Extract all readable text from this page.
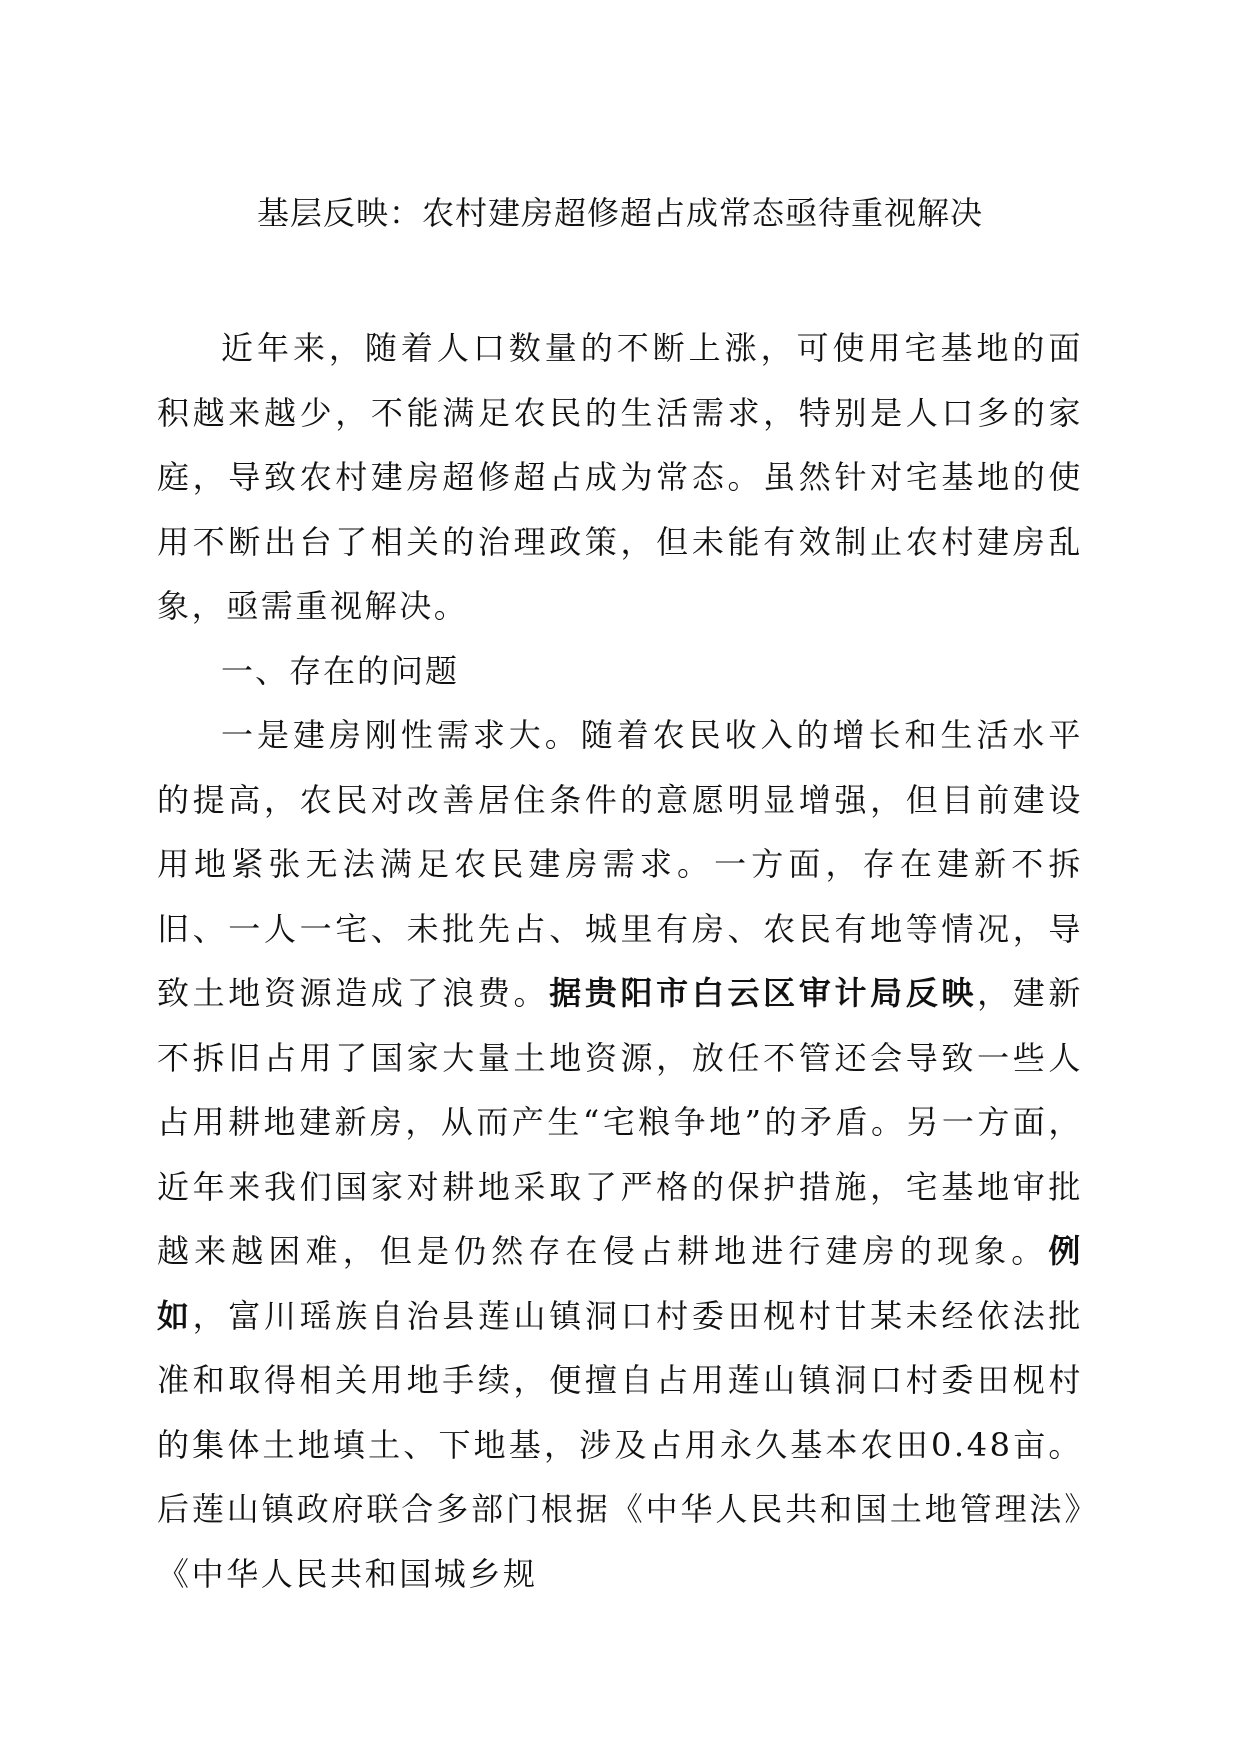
基层反映：农村建房超修超占成常态亟待重视解决

近年来，随着人口数量的不断上涨，可使用宅基地的面积越来越少，不能满足农民的生活需求，特别是人口多的家庭，导致农村建房超修超占成为常态。虽然针对宅基地的使用不断出台了相关的治理政策，但未能有效制止农村建房乱象，亟需重视解决。

一、存在的问题

一是建房刚性需求大。随着农民收入的增长和生活水平的提高，农民对改善居住条件的意愿明显增强，但目前建设用地紧张无法满足农民建房需求。一方面，存在建新不拆旧、一人一宅、未批先占、城里有房、农民有地等情况，导致土地资源造成了浪费。据贵阳市白云区审计局反映，建新不拆旧占用了国家大量土地资源，放任不管还会导致一些人占用耕地建新房，从而产生“宅粮争地”的矛盾。另一方面，近年来我们国家对耕地采取了严格的保护措施，宅基地审批越来越困难，但是仍然存在侵占耕地进行建房的现象。例如，富川瑶族自治县莲山镇洞口村委田枧村甘某未经依法批准和取得相关用地手续，便擅自占用莲山镇洞口村委田枧村的集体土地填土、下地基，涉及占用永久基本农田0.48亩。后莲山镇政府联合多部门根据《中华人民共和国土地管理法》《中华人民共和国城乡规
